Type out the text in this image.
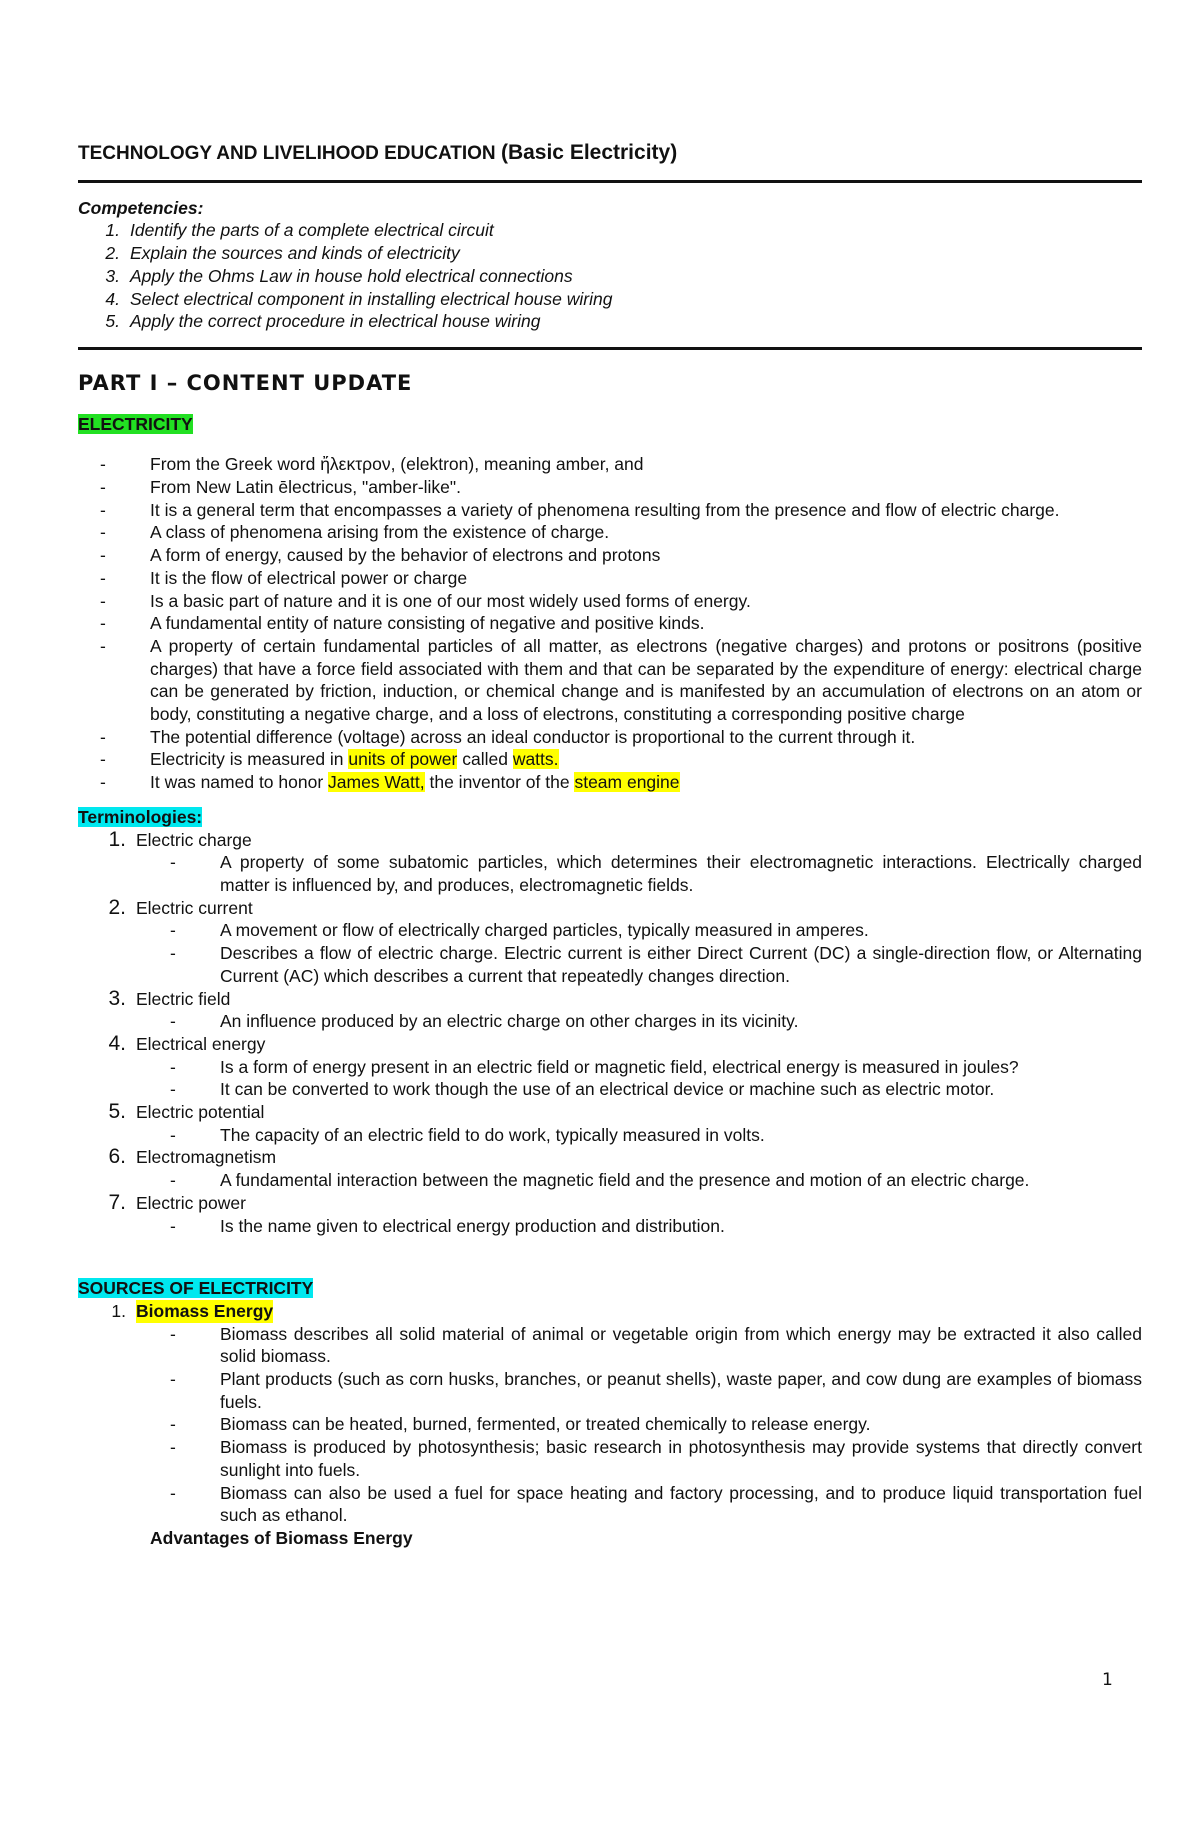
TECHNOLOGY AND LIVELIHOOD EDUCATION (Basic Electricity)
Competencies:
1. Identify the parts of a complete electrical circuit
2. Explain the sources and kinds of electricity
3. Apply the Ohms Law in house hold electrical connections
4. Select electrical component in installing electrical house wiring
5. Apply the correct procedure in electrical house wiring
PART I – CONTENT UPDATE

ELECTRICITY

-	From the Greek word ἤλεκτρον, (elektron), meaning amber, and
-	From New Latin ēlectricus, "amber-like".
-	It is a general term that encompasses a variety of phenomena resulting from the presence and flow of electric charge.
-	A class of phenomena arising from the existence of charge.
-	A form of energy, caused by the behavior of electrons and protons
-	It is the flow of electrical power or charge
-	Is a basic part of nature and it is one of our most widely used forms of energy.
-	A fundamental entity of nature consisting of negative and positive kinds.
-	A property of certain fundamental particles of all matter, as electrons (negative charges) and protons or positrons (positive charges) that have a force field associated with them and that can be separated by the expenditure of energy: electrical charge can be generated by friction, induction, or chemical change and is manifested by an accumulation of electrons on an atom or body, constituting a negative charge, and a loss of electrons, constituting a corresponding positive charge
-	The potential difference (voltage) across an ideal conductor is proportional to the current through it.
-	Electricity is measured in units of power called watts.
-	It was named to honor James Watt, the inventor of the steam engine

Terminologies:

1. Electric charge
-	A property of some subatomic particles, which determines their electromagnetic interactions. Electrically charged matter is influenced by, and produces, electromagnetic fields.
2. Electric current
-	A movement or flow of electrically charged particles, typically measured in amperes.
-	Describes a flow of electric charge. Electric current is either Direct Current (DC) a single-direction flow, or Alternating Current (AC) which describes a current that repeatedly changes direction.
3. Electric field
-	An influence produced by an electric charge on other charges in its vicinity.
4. Electrical energy
-	Is a form of energy present in an electric field or magnetic field, electrical energy is measured in joules?
-	It can be converted to work though the use of an electrical device or machine such as electric motor.
5. Electric potential
-	The capacity of an electric field to do work, typically measured in volts.
6. Electromagnetism
-	A fundamental interaction between the magnetic field and the presence and motion of an electric charge.
7. Electric power
-	Is the name given to electrical energy production and distribution.

SOURCES OF ELECTRICITY

1. Biomass Energy
-	Biomass describes all solid material of animal or vegetable origin from which energy may be extracted it also called solid biomass.
-	Plant products (such as corn husks, branches, or peanut shells), waste paper, and cow dung are examples of biomass fuels.
-	Biomass can be heated, burned, fermented, or treated chemically to release energy.
-	Biomass is produced by photosynthesis; basic research in photosynthesis may provide systems that directly convert sunlight into fuels.
-	Biomass can also be used a fuel for space heating and factory processing, and to produce liquid transportation fuel such as ethanol.
Advantages of Biomass Energy
1
